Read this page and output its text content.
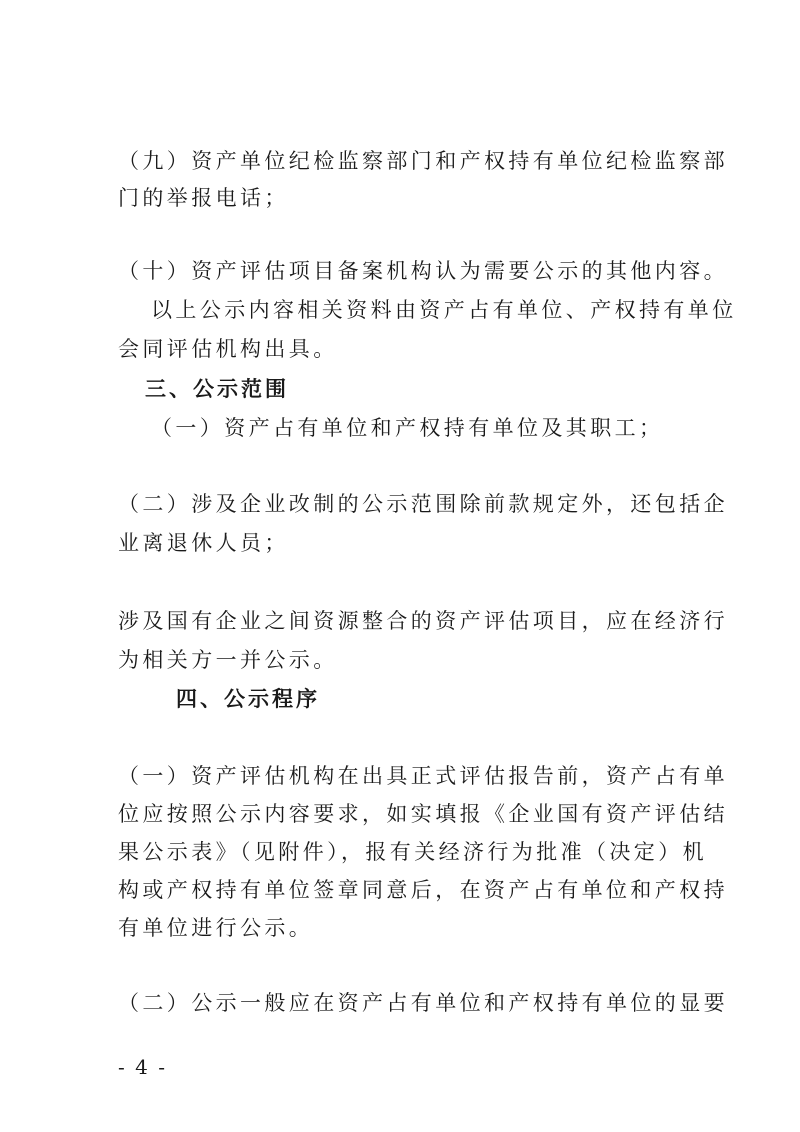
（九）资产单位纪检监察部门和产权持有单位纪检监察部
门的举报电话；
（十）资产评估项目备案机构认为需要公示的其他内容。
以上公示内容相关资料由资产占有单位、产权持有单位
会同评估机构出具。
三、公示范围
（一）资产占有单位和产权持有单位及其职工；
（二）涉及企业改制的公示范围除前款规定外，还包括企
业离退休人员；
涉及国有企业之间资源整合的资产评估项目，应在经济行
为相关方一并公示。
四、公示程序
（一）资产评估机构在出具正式评估报告前，资产占有单
位应按照公示内容要求，如实填报《企业国有资产评估结
果公示表》（见附件），报有关经济行为批准（决定）机
构或产权持有单位签章同意后，在资产占有单位和产权持
有单位进行公示。
（二）公示一般应在资产占有单位和产权持有单位的显要
- 4 -
